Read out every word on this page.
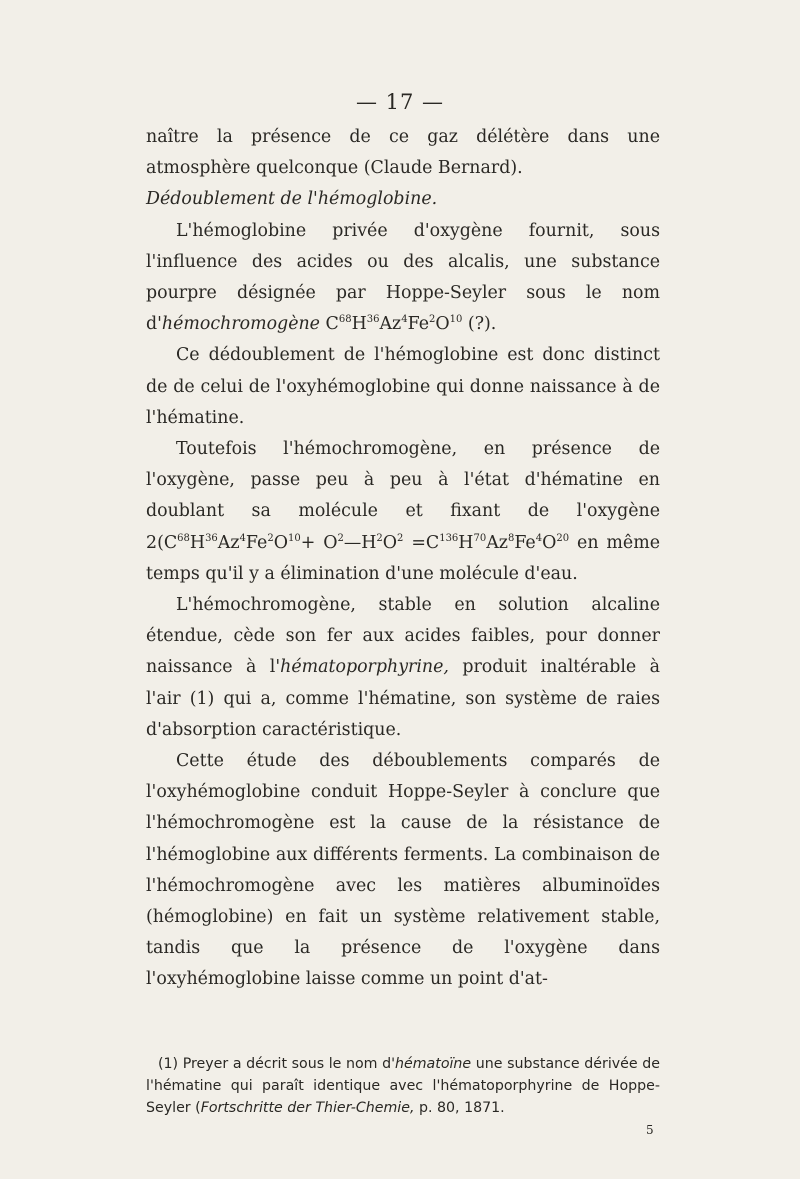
— 17 —

naître la présence de ce gaz délétère dans une atmosphère quelconque (Claude Bernard).

Dédoublement de l'hémoglobine.

L'hémoglobine privée d'oxygène fournit, sous l'influence des acides ou des alcalis, une substance pourpre désignée par Hoppe-Seyler sous le nom d'hémochromogène $C^{68}H^{36}Az^4Fe^2O^{10}$ (?).

Ce dédoublement de l'hémoglobine est donc distinct de de celui de l'oxyhémoglobine qui donne naissance à de l'hématine.

Toutefois l'hémochromogène, en présence de l'oxygène, passe peu à peu à l'état d'hématine en doublant sa molécule et fixant de l'oxygène $2(C^{68}H^{36}Az^4Fe^2O^{10}+$ $O^2—H^2O^2 =C^{136}H^{70}Az^8Fe^4O^{20}$ en même temps qu'il y a élimination d'une molécule d'eau.

L'hémochromogène, stable en solution alcaline étendue, cède son fer aux acides faibles, pour donner naissance à l'hématoporphyrine, produit inaltérable à l'air (1) qui a, comme l'hématine, son système de raies d'absorption caractéristique.

Cette étude des déboublements comparés de l'oxyhémoglobine conduit Hoppe-Seyler à conclure que l'hémochromogène est la cause de la résistance de l'hémoglobine aux différents ferments. La combinaison de l'hémochromogène avec les matières albuminoïdes (hémoglobine) en fait un système relativement stable, tandis que la présence de l'oxygène dans l'oxyhémoglobine laisse comme un point d'at-

(1) Preyer a décrit sous le nom d'hématoïne une substance dérivée de l'hématine qui paraît identique avec l'hématoporphyrine de Hoppe-Seyler (Fortschritte der Thier-Chemie, p. 80, 1871.

5
